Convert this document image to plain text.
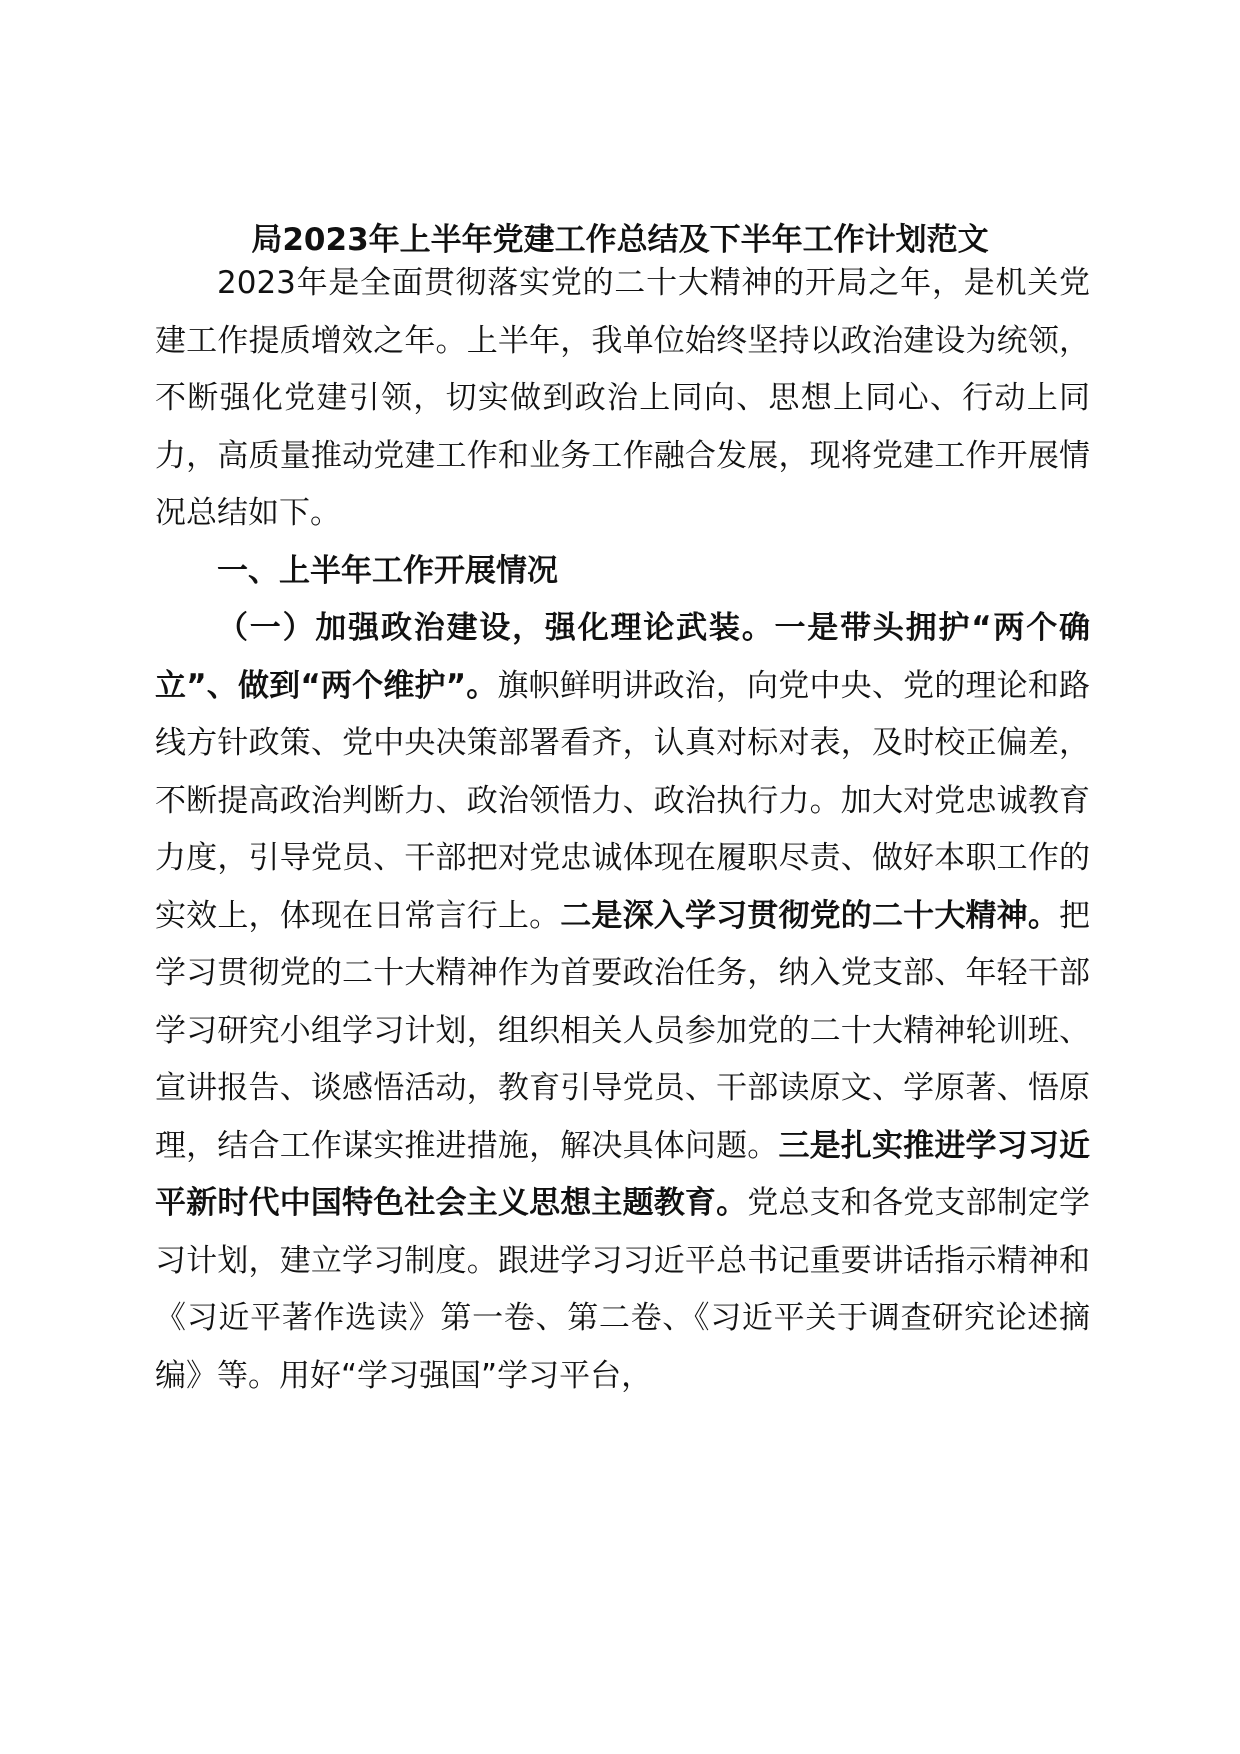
局2023年上半年党建工作总结及下半年工作计划范文

2023年是全面贯彻落实党的二十大精神的开局之年，是机关党建工作提质增效之年。上半年，我单位始终坚持以政治建设为统领，不断强化党建引领，切实做到政治上同向、思想上同心、行动上同力，高质量推动党建工作和业务工作融合发展，现将党建工作开展情况总结如下。

一、上半年工作开展情况

（一）加强政治建设，强化理论武装。一是带头拥护“两个确立”、做到“两个维护”。旗帜鲜明讲政治，向党中央、党的理论和路线方针政策、党中央决策部署看齐，认真对标对表，及时校正偏差，不断提高政治判断力、政治领悟力、政治执行力。加大对党忠诚教育力度，引导党员、干部把对党忠诚体现在履职尽责、做好本职工作的实效上，体现在日常言行上。二是深入学习贯彻党的二十大精神。把学习贯彻党的二十大精神作为首要政治任务，纳入党支部、年轻干部学习研究小组学习计划，组织相关人员参加党的二十大精神轮训班、宣讲报告、谈感悟活动，教育引导党员、干部读原文、学原著、悟原理，结合工作谋实推进措施，解决具体问题。三是扎实推进学习习近平新时代中国特色社会主义思想主题教育。党总支和各党支部制定学习计划，建立学习制度。跟进学习习近平总书记重要讲话指示精神和《习近平著作选读》第一卷、第二卷、《习近平关于调查研究论述摘编》等。用好“学习强国”学习平台，
